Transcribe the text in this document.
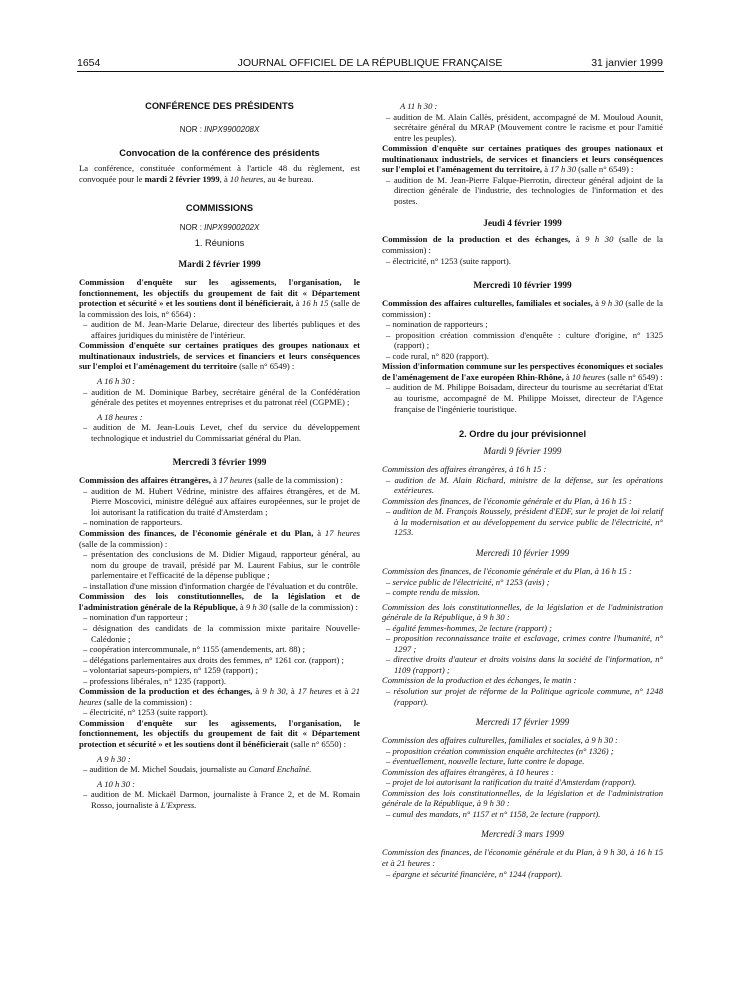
1654	JOURNAL OFFICIEL DE LA RÉPUBLIQUE FRANÇAISE	31 janvier 1999

CONFÉRENCE DES PRÉSIDENTS

NOR : INPX9900208X

Convocation de la conférence des présidents

La conférence, constituée conformément à l'article 48 du règlement, est convoquée pour le mardi 2 février 1999, à 10 heures, au 4e bureau.

COMMISSIONS

NOR : INPX9900202X

1. Réunions

Mardi 2 février 1999

Commission d'enquête sur les agissements, l'organisation, le fonctionnement, les objectifs du groupement de fait dit « Département protection et sécurité » et les soutiens dont il bénéficierait, à 16 h 15 (salle de la commission des lois, n° 6564) :

– audition de M. Jean-Marie Delarue, directeur des libertés publiques et des affaires juridiques du ministère de l'intérieur.

Commission d'enquête sur certaines pratiques des groupes nationaux et multinationaux industriels, de services et financiers et leurs conséquences sur l'emploi et l'aménagement du territoire (salle n° 6549) :

A 16 h 30 :

– audition de M. Dominique Barbey, secrétaire général de la Confédération générale des petites et moyennes entreprises et du patronat réel (CGPME) ;

A 18 heures :

– audition de M. Jean-Louis Levet, chef du service du développement technologique et industriel du Commissariat général du Plan.

Mercredi 3 février 1999

Commission des affaires étrangères, à 17 heures (salle de la commission) :

– audition de M. Hubert Védrine, ministre des affaires étrangères, et de M. Pierre Moscovici, ministre délégué aux affaires européennes, sur le projet de loi autorisant la ratification du traité d'Amsterdam ;

– nomination de rapporteurs.

Commission des finances, de l'économie générale et du Plan, à 17 heures (salle de la commission) :

– présentation des conclusions de M. Didier Migaud, rapporteur général, au nom du groupe de travail, présidé par M. Laurent Fabius, sur le contrôle parlementaire et l'efficacité de la dépense publique ;

– installation d'une mission d'information chargée de l'évaluation et du contrôle.

Commission des lois constitutionnelles, de la législation et de l'administration générale de la République, à 9 h 30 (salle de la commission) :

– nomination d'un rapporteur ;

– désignation des candidats de la commission mixte paritaire Nouvelle-Calédonie ;

– coopération intercommunale, n° 1155 (amendements, art. 88) ;

– délégations parlementaires aux droits des femmes, n° 1261 cor. (rapport) ;

– volontariat sapeurs-pompiers, n° 1259 (rapport) ;

– professions libérales, n° 1235 (rapport).

Commission de la production et des échanges, à 9 h 30, à 17 heures et à 21 heures (salle de la commission) :

– électricité, n° 1253 (suite rapport).

Commission d'enquête sur les agissements, l'organisation, le fonctionnement, les objectifs du groupement de fait dit « Département protection et sécurité » et les soutiens dont il bénéficierait (salle n° 6550) :

A 9 h 30 :

– audition de M. Michel Soudais, journaliste au Canard Enchaîné.

A 10 h 30 :

– audition de M. Mickaël Darmon, journaliste à France 2, et de M. Romain Rosso, journaliste à L'Express.

A 11 h 30 :

– audition de M. Alain Callès, président, accompagné de M. Mouloud Aounit, secrétaire général du MRAP (Mouvement contre le racisme et pour l'amitié entre les peuples).

Commission d'enquête sur certaines pratiques des groupes nationaux et multinationaux industriels, de services et financiers et leurs conséquences sur l'emploi et l'aménagement du territoire, à 17 h 30 (salle n° 6549) :

– audition de M. Jean-Pierre Falque-Pierrotin, directeur général adjoint de la direction générale de l'industrie, des technologies de l'information et des postes.

Jeudi 4 février 1999

Commission de la production et des échanges, à 9 h 30 (salle de la commission) :

– électricité, n° 1253 (suite rapport).

Mercredi 10 février 1999

Commission des affaires culturelles, familiales et sociales, à 9 h 30 (salle de la commission) :

– nomination de rapporteurs ;

– proposition création commission d'enquête : culture d'origine, n° 1325 (rapport) ;

– code rural, n° 820 (rapport).

Mission d'information commune sur les perspectives économiques et sociales de l'aménagement de l'axe européen Rhin-Rhône, à 10 heures (salle n° 6549) :

– audition de M. Philippe Boisadam, directeur du tourisme au secrétariat d'Etat au tourisme, accompagné de M. Philippe Moisset, directeur de l'Agence française de l'ingénierie touristique.

2. Ordre du jour prévisionnel

Mardi 9 février 1999

Commission des affaires étrangères, à 16 h 15 :

– audition de M. Alain Richard, ministre de la défense, sur les opérations extérieures.

Commission des finances, de l'économie générale et du Plan, à 16 h 15 :

– audition de M. François Roussely, président d'EDF, sur le projet de loi relatif à la modernisation et au développement du service public de l'électricité, n° 1253.

Mercredi 10 février 1999

Commission des finances, de l'économie générale et du Plan, à 16 h 15 :

– service public de l'électricité, n° 1253 (avis) ;

– compte rendu de mission.

Commission des lois constitutionnelles, de la législation et de l'administration générale de la République, à 9 h 30 :

– égalité femmes-hommes, 2e lecture (rapport) ;

– proposition reconnaissance traite et esclavage, crimes contre l'humanité, n° 1297 ;

– directive droits d'auteur et droits voisins dans la société de l'information, n° 1109 (rapport) ;

Commission de la production et des échanges, le matin :

– résolution sur projet de réforme de la Politique agricole commune, n° 1248 (rapport).

Mercredi 17 février 1999

Commission des affaires culturelles, familiales et sociales, à 9 h 30 :

– proposition création commission enquête architectes (n° 1326) ;

– éventuellement, nouvelle lecture, lutte contre le dopage.

Commission des affaires étrangères, à 10 heures :

– projet de loi autorisant la ratification du traité d'Amsterdam (rapport).

Commission des lois constitutionnelles, de la législation et de l'administration générale de la République, à 9 h 30 :

– cumul des mandats, n° 1157 et n° 1158, 2e lecture (rapport).

Mercredi 3 mars 1999

Commission des finances, de l'économie générale et du Plan, à 9 h 30, à 16 h 15 et à 21 heures :

– épargne et sécurité financière, n° 1244 (rapport).
